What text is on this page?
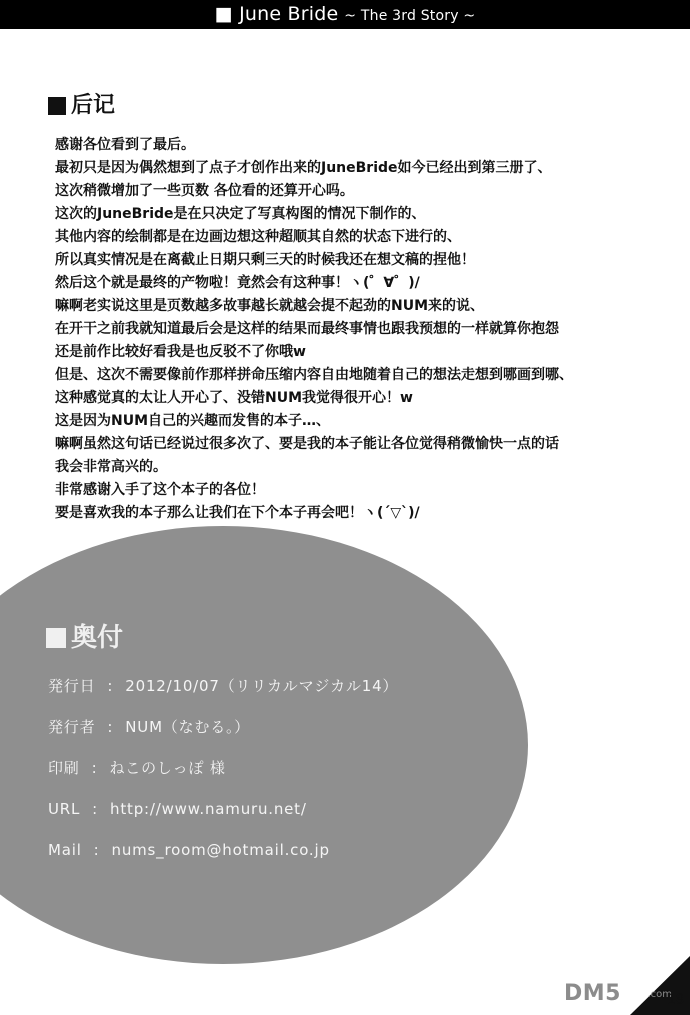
■ June Bride ~ The 3rd Story ~
后记
感谢各位看到了最后。
最初只是因为偶然想到了点子才创作出来的JuneBride如今已经出到第三册了、
这次稍微增加了一些页数 各位看的还算开心吗。
这次的JuneBride是在只决定了写真构图的情况下制作的、
其他内容的绘制都是在边画边想这种超顺其自然的状态下进行的、
所以真实情况是在离截止日期只剩三天的时候我还在想文稿的捏他！
然后这个就是最终的产物啦！竟然会有这种事！ヽ(゜∀゜)/
嘛啊老实说这里是页数越多故事越长就越会提不起劲的NUM来的说、
在开干之前我就知道最后会是这样的结果而最终事情也跟我预想的一样就算你抱怨
还是前作比较好看我是也反驳不了你哦w
但是、这次不需要像前作那样拼命压缩内容自由地随着自己的想法走想到哪画到哪、
这种感觉真的太让人开心了、没错NUM我觉得很开心！w
这是因为NUM自己的兴趣而发售的本子…、
嘛啊虽然这句话已经说过很多次了、要是我的本子能让各位觉得稍微愉快一点的话
我会非常高兴的。
非常感谢入手了这个本子的各位！
要是喜欢我的本子那么让我们在下个本子再会吧！ヽ(´▽`)/
奥付
発行日 : 2012/10/07（リリカルマジカル14）
発行者 : NUM（なむる。）
印刷 : ねこのしっぽ 様
URL : http://www.namuru.net/
Mail : nums_room@hotmail.co.jp
DM5	.com
18
